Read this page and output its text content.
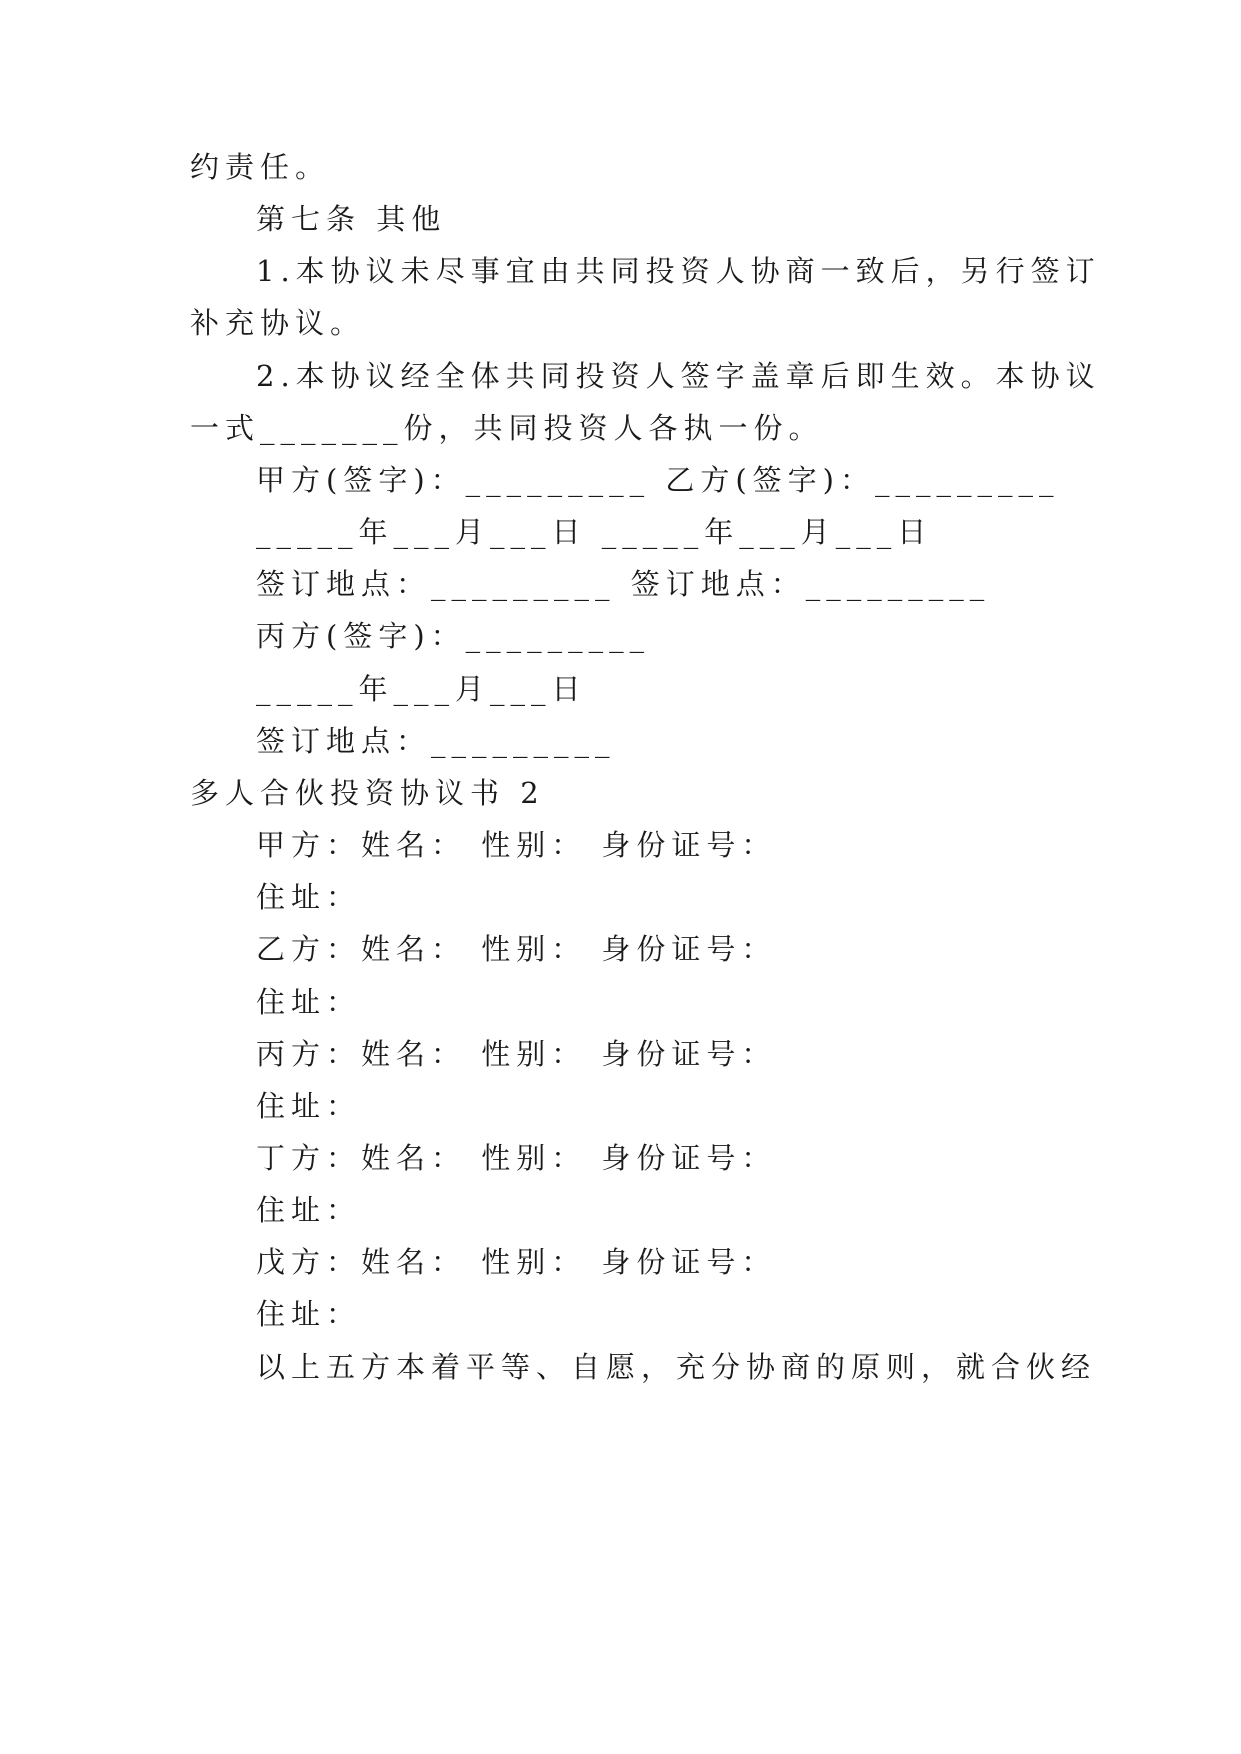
约责任。
第七条 其他
1.本协议未尽事宜由共同投资人协商一致后，另行签订
补充协议。
2.本协议经全体共同投资人签字盖章后即生效。本协议
一式_______份，共同投资人各执一份。
甲方(签字)：_________ 乙方(签字)：_________
_____年___月___日 _____年___月___日
签订地点：_________ 签订地点：_________
丙方(签字)：_________
_____年___月___日
签订地点：_________
多人合伙投资协议书 2
甲方：姓名： 性别： 身份证号：
住址：
乙方：姓名： 性别： 身份证号：
住址：
丙方：姓名： 性别： 身份证号：
住址：
丁方：姓名： 性别： 身份证号：
住址：
戊方：姓名： 性别： 身份证号：
住址：
以上五方本着平等、自愿，充分协商的原则，就合伙经
